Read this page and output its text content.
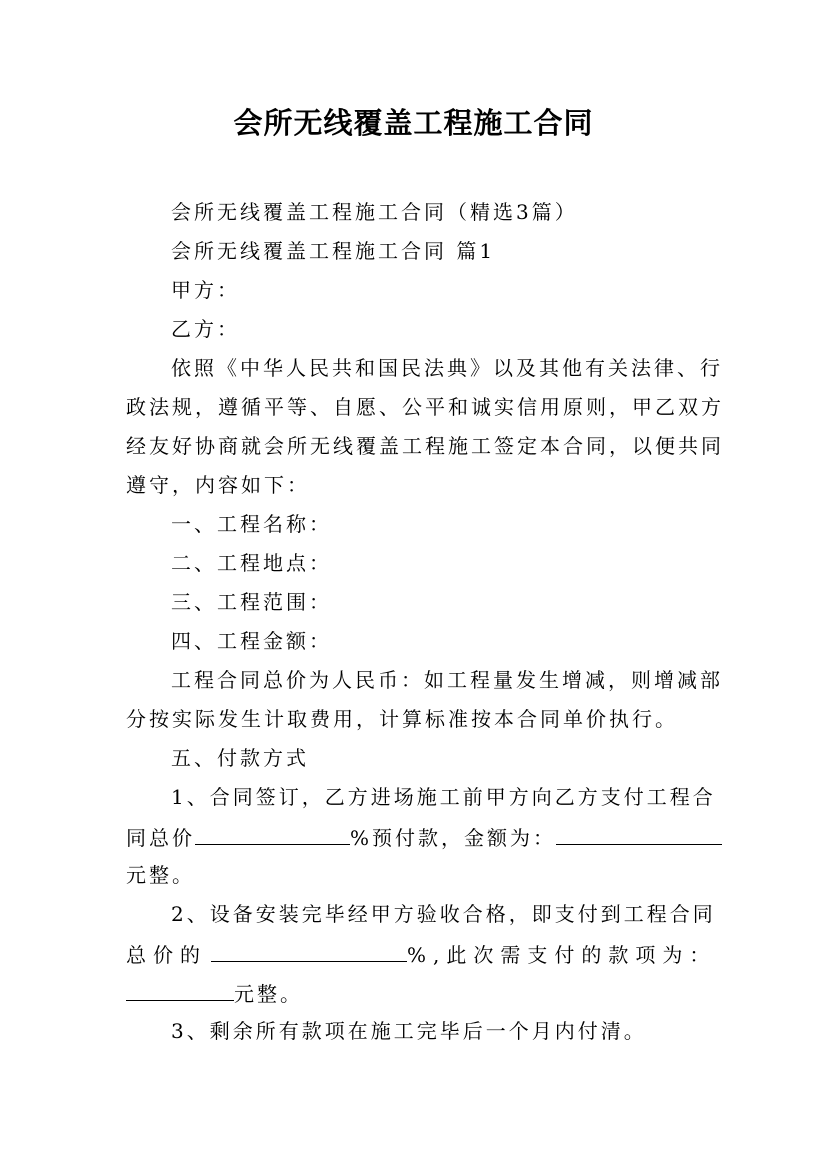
会所无线覆盖工程施工合同
会所无线覆盖工程施工合同（精选3篇）
会所无线覆盖工程施工合同 篇1
甲方：
乙方：
依照《中华人民共和国民法典》以及其他有关法律、行
政法规，遵循平等、自愿、公平和诚实信用原则，甲乙双方
经友好协商就会所无线覆盖工程施工签定本合同，以便共同
遵守，内容如下：
一、工程名称：
二、工程地点：
三、工程范围：
四、工程金额：
工程合同总价为人民币：如工程量发生增减，则增减部
分按实际发生计取费用，计算标准按本合同单价执行。
五、付款方式
1、合同签订，乙方进场施工前甲方向乙方支付工程合
同总价	%预付款，金额为：
元整。
2、设备安装完毕经甲方验收合格，即支付到工程合同
总价的	%,此次需支付的款项为：
元整。
3、剩余所有款项在施工完毕后一个月内付清。
